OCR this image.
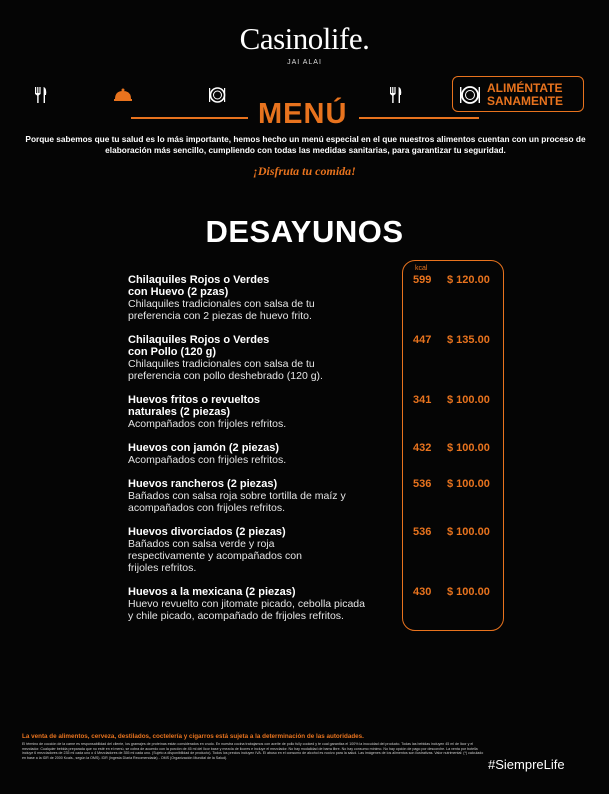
Casinolife.
JAI ALAI
ALIMÉNTATE
SANAMENTE
MENÚ
Porque sabemos que tu salud es lo más importante, hemos hecho un menú especial en el que nuestros alimentos cuentan con un proceso de elaboración más sencillo, cumpliendo con todas las medidas sanitarias, para garantizar tu seguridad.
¡Disfruta tu comida!
DESAYUNOS
kcal
Chilaquiles Rojos o Verdes con Huevo (2 pzas)
Chilaquiles tradicionales con salsa de tu preferencia con 2 piezas de huevo frito.
599 $ 120.00
Chilaquiles Rojos o Verdes con Pollo (120 g)
Chilaquiles tradicionales con salsa de tu preferencia con pollo deshebrado (120 g).
447 $ 135.00
Huevos fritos o revueltos naturales (2 piezas)
Acompañados con frijoles refritos.
341 $ 100.00
Huevos con jamón (2 piezas)
Acompañados con frijoles refritos.
432 $ 100.00
Huevos rancheros (2 piezas)
Bañados con salsa roja sobre tortilla de maíz y acompañados con frijoles refritos.
536 $ 100.00
Huevos divorciados (2 piezas)
Bañados con salsa verde y roja respectivamente y acompañados con frijoles refritos.
536 $ 100.00
Huevos a la mexicana (2 piezas)
Huevo revuelto con jitomate picado, cebolla picada y chile picado, acompañado de frijoles refritos.
430 $ 100.00
La venta de alimentos, cerveza, destilados, coctelería y cigarros está sujeta a la determinación de las autoridades.
El término de cocción de la carne es responsabilidad del cliente, los gramajes de proteínas están considerados en crudo. En nuestra cocina trabajamos con aceite de pollo fully cooked y te cual garantiza el 100% la inocuidad del producto. Todas las bebidas incluyen 45 ml de licor y el mezclador. Cualquier bebida preparada que no esté en el menú, se cobra de acuerdo con la porción de 45 ml del licor base y mezcla de licores e incluye el mezclador. No hay modalidad de barra libre. No hay consumo mínimo. No hay opción de pago por descorche. La venta por botella incluye 6 mezcladores de 235 ml cada uno o 4 Mezcladores de 355 ml cada uno. (Sujeto a disponibilidad de producto). Todos los precios incluyen IVA. El abuso en el consumo de alcohol es nocivo para la salud. Las imágenes de los alimentos son ilustrativas. Valor nutrimental: (*) calculado en base a la IDR de 2000 Kcals., según la OMS). IDR (Ingesta Diaria Recomendada) - OMS (Organización Mundial de la Salud).	#SiempreLife
